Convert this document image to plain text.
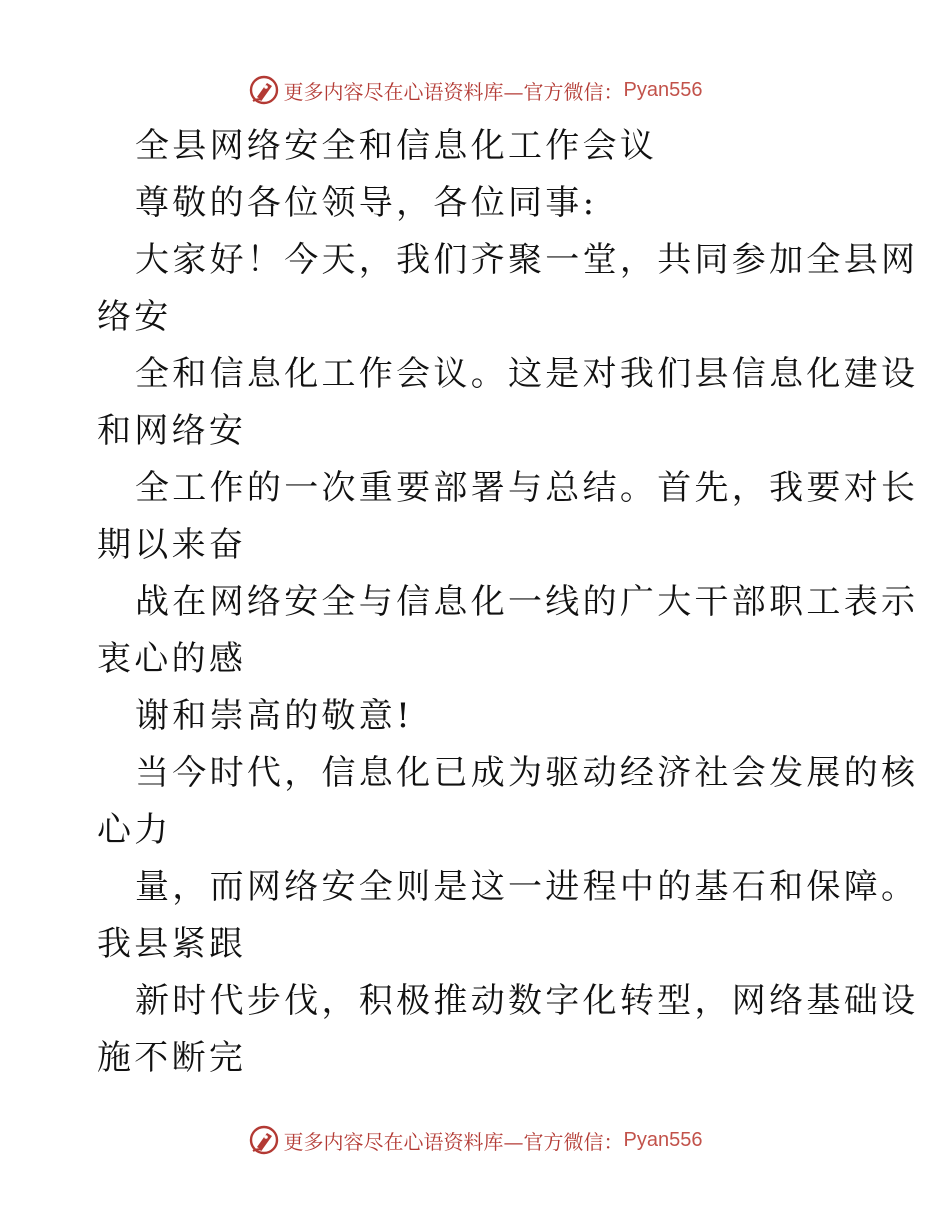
更多内容尽在心语资料库—官方微信： Pyan556
全县网络安全和信息化工作会议
尊敬的各位领导，各位同事:
大家好！今天，我们齐聚一堂，共同参加全县网
络安
全和信息化工作会议。这是对我们县信息化建设
和网络安
全工作的一次重要部署与总结。首先，我要对长
期以来奋
战在网络安全与信息化一线的广大干部职工表示
衷心的感
谢和崇高的敬意!
当今时代，信息化已成为驱动经济社会发展的核
心力
量，而网络安全则是这一进程中的基石和保障。
我县紧跟
新时代步伐，积极推动数字化转型，网络基础设
施不断完
更多内容尽在心语资料库—官方微信： Pyan556
